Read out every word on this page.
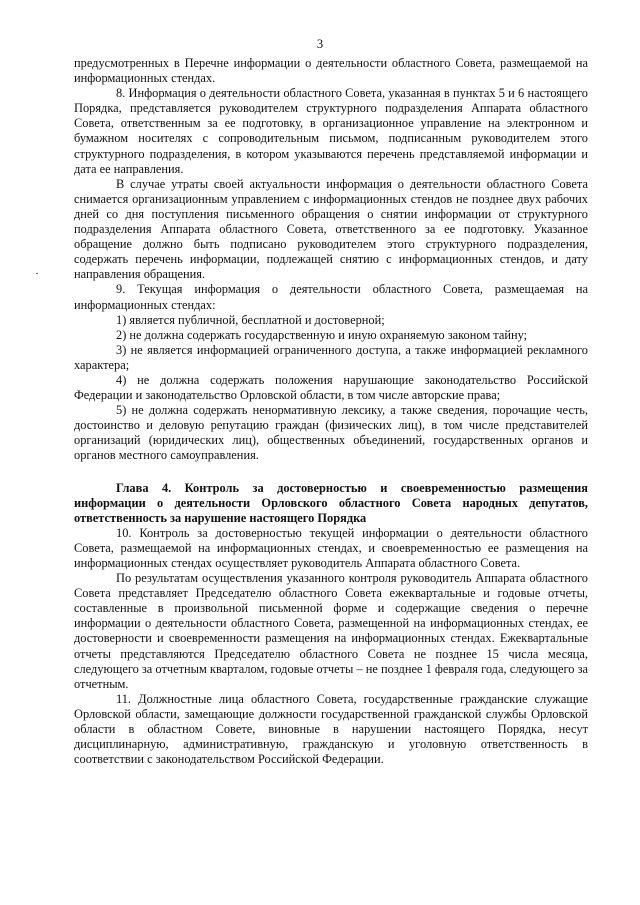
3

предусмотренных в Перечне информации о деятельности областного Совета, размещаемой на информационных стендах.

8. Информация о деятельности областного Совета, указанная в пунктах 5 и 6 настоящего Порядка, представляется руководителем структурного подразделения Аппарата областного Совета, ответственным за ее подготовку, в организационное управление на электронном и бумажном носителях с сопроводительным письмом, подписанным руководителем этого структурного подразделения, в котором указываются перечень представляемой информации и дата ее направления.

В случае утраты своей актуальности информация о деятельности областного Совета снимается организационным управлением с информационных стендов не позднее двух рабочих дней со дня поступления письменного обращения о снятии информации от структурного подразделения Аппарата областного Совета, ответственного за ее подготовку. Указанное обращение должно быть подписано руководителем этого структурного подразделения, содержать перечень информации, подлежащей снятию с информационных стендов, и дату направления обращения.

9. Текущая информация о деятельности областного Совета, размещаемая на информационных стендах:

1) является публичной, бесплатной и достоверной;

2) не должна содержать государственную и иную охраняемую законом тайну;

3) не является информацией ограниченного доступа, а также информацией рекламного характера;

4) не должна содержать положения нарушающие законодательство Российской Федерации и законодательство Орловской области, в том числе авторские права;

5) не должна содержать ненормативную лексику, а также сведения, порочащие честь, достоинство и деловую репутацию граждан (физических лиц), в том числе представителей организаций (юридических лиц), общественных объединений, государственных органов и органов местного самоуправления.

Глава 4. Контроль за достоверностью и своевременностью размещения информации о деятельности Орловского областного Совета народных депутатов, ответственность за нарушение настоящего Порядка

10. Контроль за достоверностью текущей информации о деятельности областного Совета, размещаемой на информационных стендах, и своевременностью ее размещения на информационных стендах осуществляет руководитель Аппарата областного Совета.

По результатам осуществления указанного контроля руководитель Аппарата областного Совета представляет Председателю областного Совета ежеквартальные и годовые отчеты, составленные в произвольной письменной форме и содержащие сведения о перечне информации о деятельности областного Совета, размещенной на информационных стендах, ее достоверности и своевременности размещения на информационных стендах. Ежеквартальные отчеты представляются Председателю областного Совета не позднее 15 числа месяца, следующего за отчетным кварталом, годовые отчеты – не позднее 1 февраля года, следующего за отчетным.

11. Должностные лица областного Совета, государственные гражданские служащие Орловской области, замещающие должности государственной гражданской службы Орловской области в областном Совете, виновные в нарушении настоящего Порядка, несут дисциплинарную, административную, гражданскую и уголовную ответственность в соответствии с законодательством Российской Федерации.
